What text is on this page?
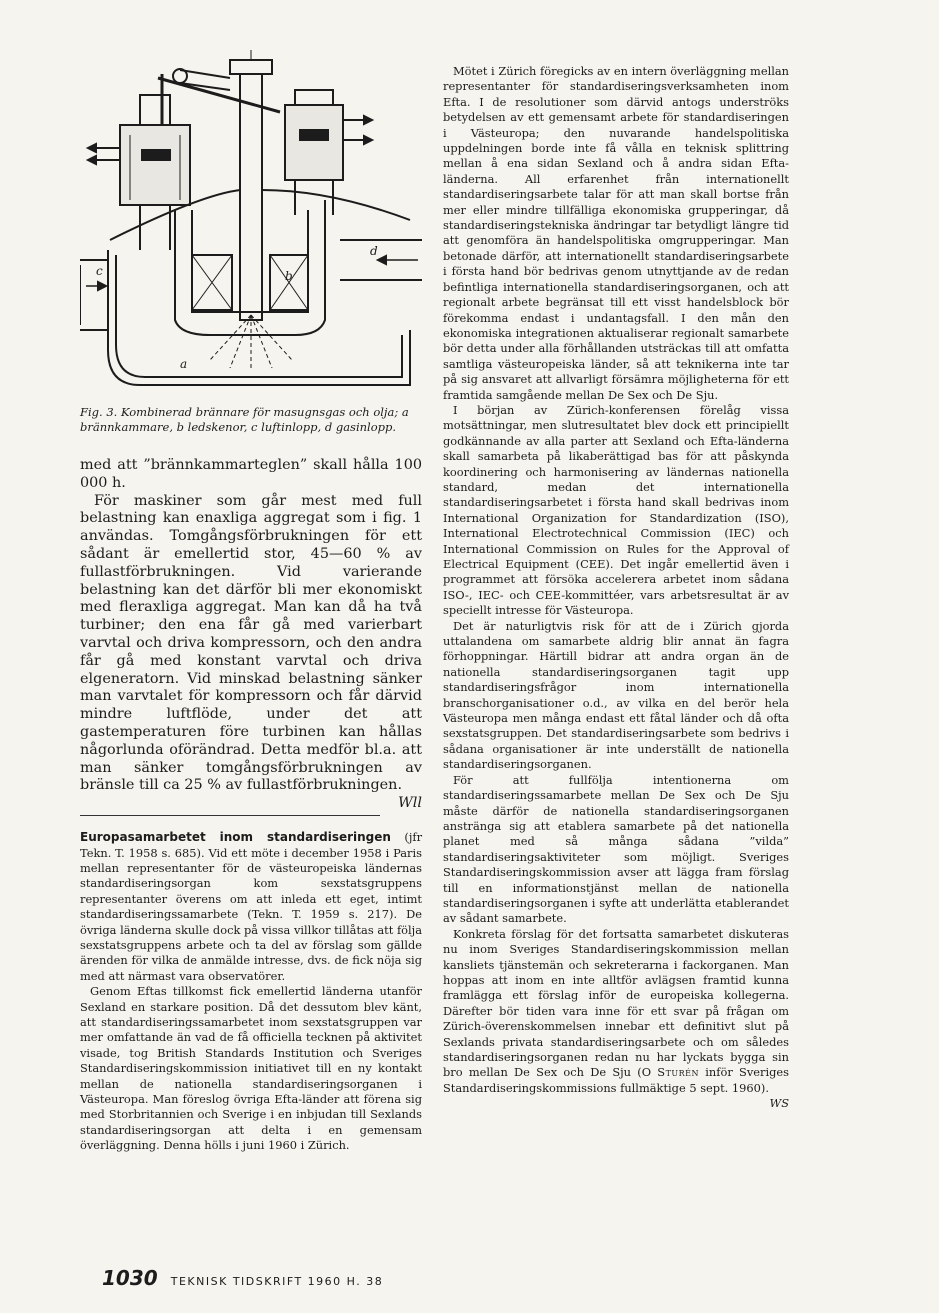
c
a
b
d
Fig. 3. Kombinerad brännare för masugnsgas och olja; a brännkammare, b ledskenor, c luftinlopp, d gasinlopp.

med att ”brännkammarteglen” skall hålla 100 000 h.

För maskiner som går mest med full belastning kan enaxliga aggregat som i fig. 1 användas. Tomgångsförbrukningen för ett sådant är emellertid stor, 45—60 % av fullastförbrukningen. Vid varierande belastning kan det därför bli mer ekonomiskt med fleraxliga aggregat. Man kan då ha två turbiner; den ena får gå med varierbart varvtal och driva kompressorn, och den andra får gå med konstant varvtal och driva elgeneratorn. Vid minskad belastning sänker man varvtalet för kompressorn och får därvid mindre luftflöde, under det att gastemperaturen före turbinen kan hållas någorlunda oförändrad. Detta medför bl.a. att man sänker tomgångsförbrukningen av bränsle till ca 25 % av fullastförbrukningen.
Wll

Europasamarbetet inom standardiseringen (jfr Tekn. T. 1958 s. 685). Vid ett möte i december 1958 i Paris mellan representanter för de västeuropeiska ländernas standardiseringsorgan kom sexstatsgruppens representanter överens om att inleda ett eget, intimt standardiseringssamarbete (Tekn. T. 1959 s. 217). De övriga länderna skulle dock på vissa villkor tillåtas att följa sexstatsgruppens arbete och ta del av förslag som gällde ärenden för vilka de anmälde intresse, dvs. de fick nöja sig med att närmast vara observatörer.

Genom Eftas tillkomst fick emellertid länderna utanför Sexland en starkare position. Då det dessutom blev känt, att standardiseringssamarbetet inom sexstatsgruppen var mer omfattande än vad de få officiella tecknen på aktivitet visade, tog British Standards Institution och Sveriges Standardiseringskommission initiativet till en ny kontakt mellan de nationella standardiseringsorganen i Västeuropa. Man föreslog övriga Efta-länder att förena sig med Storbritannien och Sverige i en inbjudan till Sexlands standardiseringsorgan att delta i en gemensam överläggning. Denna hölls i juni 1960 i Zürich.

Mötet i Zürich föregicks av en intern överläggning mellan representanter för standardiseringsverksamheten inom Efta. I de resolutioner som därvid antogs underströks betydelsen av ett gemensamt arbete för standardiseringen i Västeuropa; den nuvarande handelspolitiska uppdelningen borde inte få vålla en teknisk splittring mellan å ena sidan Sexland och å andra sidan Efta-länderna. All erfarenhet från internationellt standardiseringsarbete talar för att man skall bortse från mer eller mindre tillfälliga ekonomiska grupperingar, då standardiseringstekniska ändringar tar betydligt längre tid att genomföra än handelspolitiska omgrupperingar. Man betonade därför, att internationellt standardiseringsarbete i första hand bör bedrivas genom utnyttjande av de redan befintliga internationella standardiseringsorganen, och att regionalt arbete begränsat till ett visst handelsblock bör förekomma endast i undantagsfall. I den mån den ekonomiska integrationen aktualiserar regionalt samarbete bör detta under alla förhållanden utsträckas till att omfatta samtliga västeuropeiska länder, så att teknikerna inte tar på sig ansvaret att allvarligt försämra möjligheterna för ett framtida samgående mellan De Sex och De Sju.

I början av Zürich-konferensen förelåg vissa motsättningar, men slutresultatet blev dock ett principiellt godkännande av alla parter att Sexland och Efta-länderna skall samarbeta på likaberättigad bas för att påskynda koordinering och harmonisering av ländernas nationella standard, medan det internationella standardiseringsarbetet i första hand skall bedrivas inom International Organization for Standardization (ISO), International Electrotechnical Commission (IEC) och International Commission on Rules for the Approval of Electrical Equipment (CEE). Det ingår emellertid även i programmet att försöka accelerera arbetet inom sådana ISO-, IEC- och CEE-kommittéer, vars arbetsresultat är av speciellt intresse för Västeuropa.

Det är naturligtvis risk för att de i Zürich gjorda uttalandena om samarbete aldrig blir annat än fagra förhoppningar. Härtill bidrar att andra organ än de nationella standardiseringsorganen tagit upp standardiseringsfrågor inom internationella branschorganisationer o.d., av vilka en del berör hela Västeuropa men många endast ett fåtal länder och då ofta sexstatsgruppen. Det standardiseringsarbete som bedrivs i sådana organisationer är inte underställt de nationella standardiseringsorganen.

För att fullfölja intentionerna om standardiseringssamarbete mellan De Sex och De Sju måste därför de nationella standardiseringsorganen anstränga sig att etablera samarbete på det nationella planet med så många sådana ”vilda” standardiseringsaktiviteter som möjligt. Sveriges Standardiseringskommission avser att lägga fram förslag till en informationstjänst mellan de nationella standardiseringsorganen i syfte att underlätta etablerandet av sådant samarbete.

Konkreta förslag för det fortsatta samarbetet diskuteras nu inom Sveriges Standardiseringskommission mellan kansliets tjänstemän och sekreterarna i fackorganen. Man hoppas att inom en inte alltför avlägsen framtid kunna framlägga ett förslag inför de europeiska kollegerna. Därefter bör tiden vara inne för ett svar på frågan om Zürich-överenskommelsen innebar ett definitivt slut på Sexlands privata standardiseringsarbete och om således standardiseringsorganen redan nu har lyckats bygga sin bro mellan De Sex och De Sju (O Sturén inför Sveriges Standardiseringskommissions fullmäktige 5 sept. 1960).
WS

1030 TEKNISK TIDSKRIFT 1960 H. 38
